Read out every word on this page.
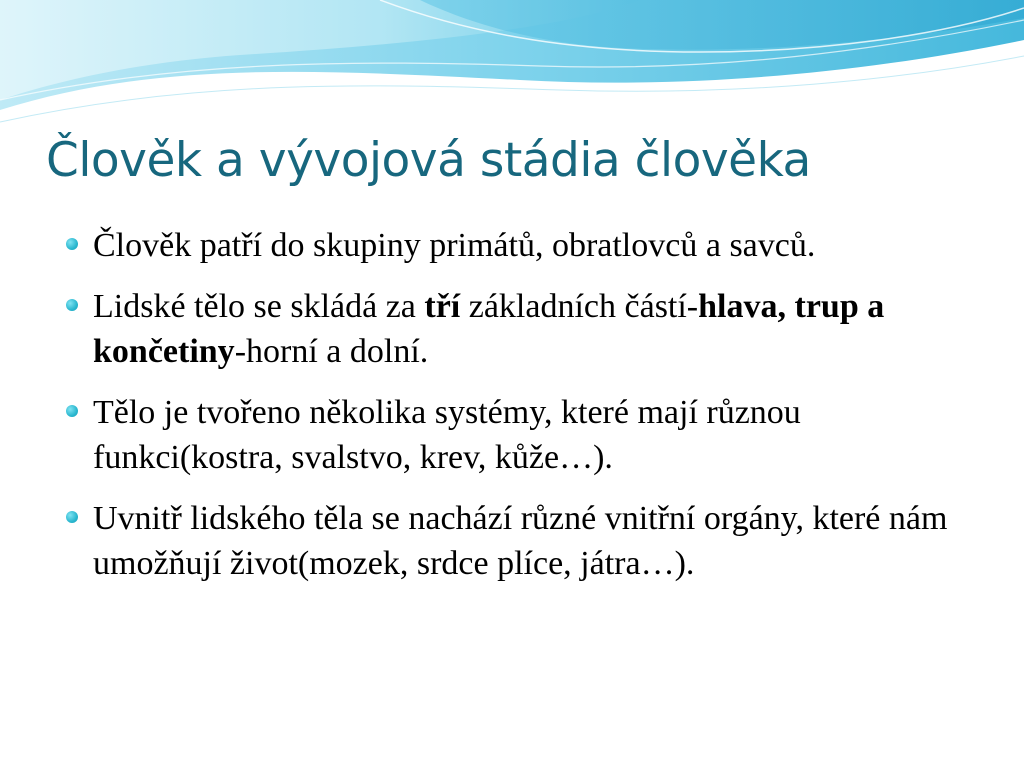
Člověk a vývojová stádia člověka
Člověk patří do skupiny primátů, obratlovců a savců.
Lidské tělo se skládá za tří základních částí-hlava, trup a končetiny-horní a dolní.
Tělo je tvořeno několika systémy, které mají různou funkci(kostra, svalstvo, krev, kůže…).
Uvnitř lidského těla se nachází různé vnitřní orgány, které nám umožňují život(mozek, srdce plíce, játra…).
